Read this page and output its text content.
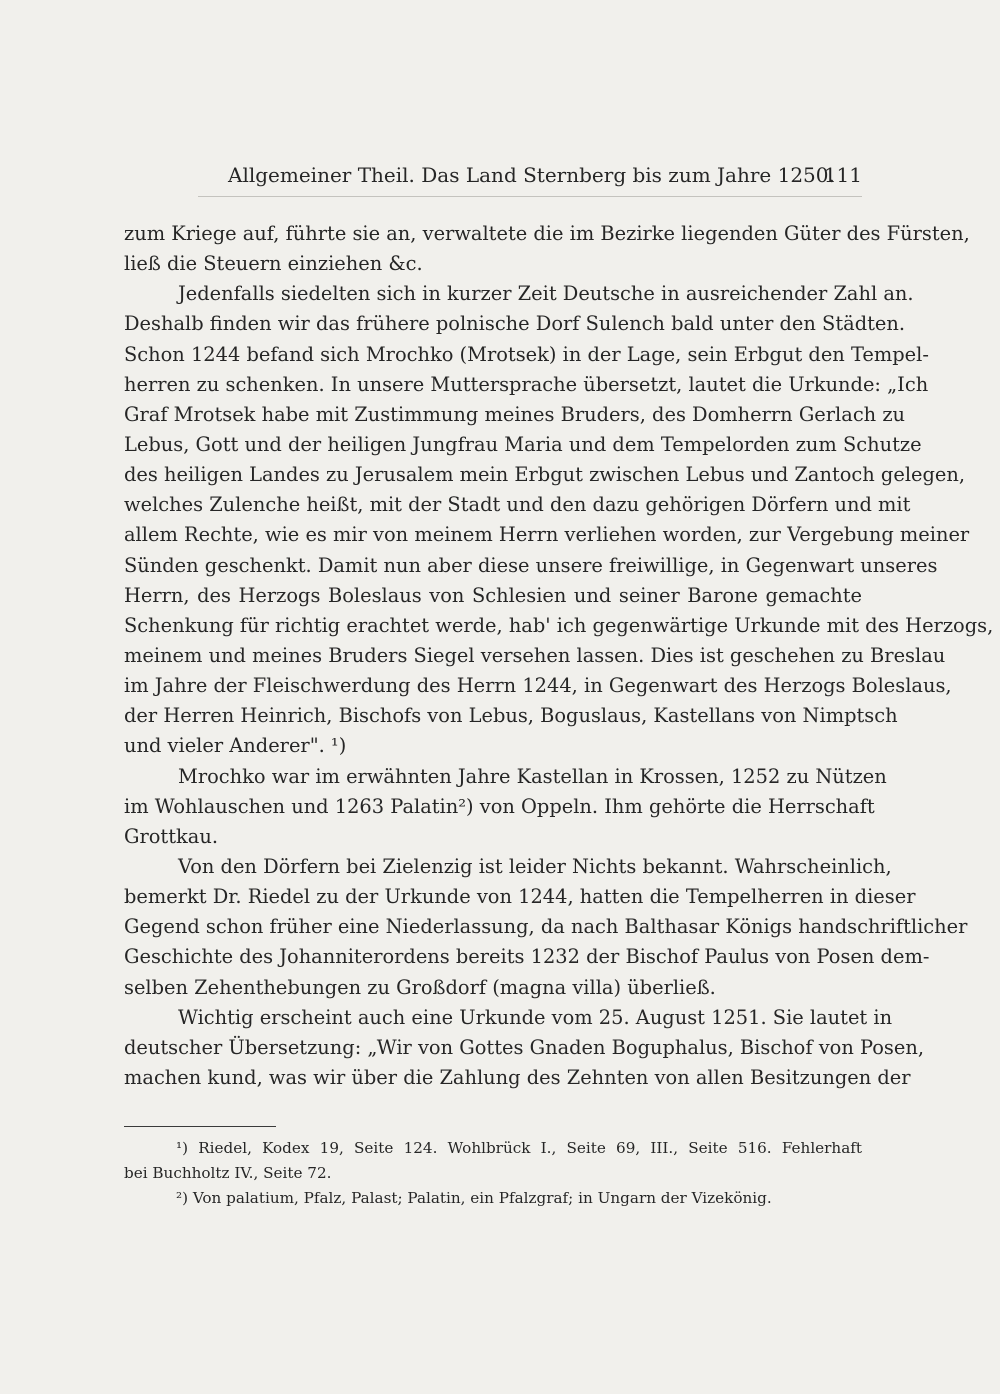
Allgemeiner Theil. Das Land Sternberg bis zum Jahre 1250.
111
zum Kriege auf, führte sie an, verwaltete die im Bezirke liegenden Güter des Fürsten,
ließ die Steuern einziehen &c.
Jedenfalls siedelten sich in kurzer Zeit Deutsche in ausreichender Zahl an.
Deshalb finden wir das frühere polnische Dorf Sulench bald unter den Städten.
Schon 1244 befand sich Mrochko (Mrotsek) in der Lage, sein Erbgut den Tempel-
herren zu schenken. In unsere Muttersprache übersetzt, lautet die Urkunde: „Ich
Graf Mrotsek habe mit Zustimmung meines Bruders, des Domherrn Gerlach zu
Lebus, Gott und der heiligen Jungfrau Maria und dem Tempelorden zum Schutze
des heiligen Landes zu Jerusalem mein Erbgut zwischen Lebus und Zantoch gelegen,
welches Zulenche heißt, mit der Stadt und den dazu gehörigen Dörfern und mit
allem Rechte, wie es mir von meinem Herrn verliehen worden, zur Vergebung meiner
Sünden geschenkt. Damit nun aber diese unsere freiwillige, in Gegenwart unseres
Herrn, des Herzogs Boleslaus von Schlesien und seiner Barone gemachte
Schenkung für richtig erachtet werde, hab' ich gegenwärtige Urkunde mit des Herzogs,
meinem und meines Bruders Siegel versehen lassen. Dies ist geschehen zu Breslau
im Jahre der Fleischwerdung des Herrn 1244, in Gegenwart des Herzogs Boleslaus,
der Herren Heinrich, Bischofs von Lebus, Boguslaus, Kastellans von Nimptsch
und vieler Anderer". ¹)
Mrochko war im erwähnten Jahre Kastellan in Krossen, 1252 zu Nützen
im Wohlauschen und 1263 Palatin²) von Oppeln. Ihm gehörte die Herrschaft
Grottkau.
Von den Dörfern bei Zielenzig ist leider Nichts bekannt. Wahrscheinlich,
bemerkt Dr. Riedel zu der Urkunde von 1244, hatten die Tempelherren in dieser
Gegend schon früher eine Niederlassung, da nach Balthasar Königs handschriftlicher
Geschichte des Johanniterordens bereits 1232 der Bischof Paulus von Posen dem-
selben Zehenthebungen zu Großdorf (magna villa) überließ.
Wichtig erscheint auch eine Urkunde vom 25. August 1251. Sie lautet in
deutscher Übersetzung: „Wir von Gottes Gnaden Boguphalus, Bischof von Posen,
machen kund, was wir über die Zahlung des Zehnten von allen Besitzungen der
¹) Riedel, Kodex 19, Seite 124. Wohlbrück I., Seite 69, III., Seite 516. Fehlerhaft
bei Buchholtz IV., Seite 72.
²) Von palatium, Pfalz, Palast; Palatin, ein Pfalzgraf; in Ungarn der Vizekönig.
